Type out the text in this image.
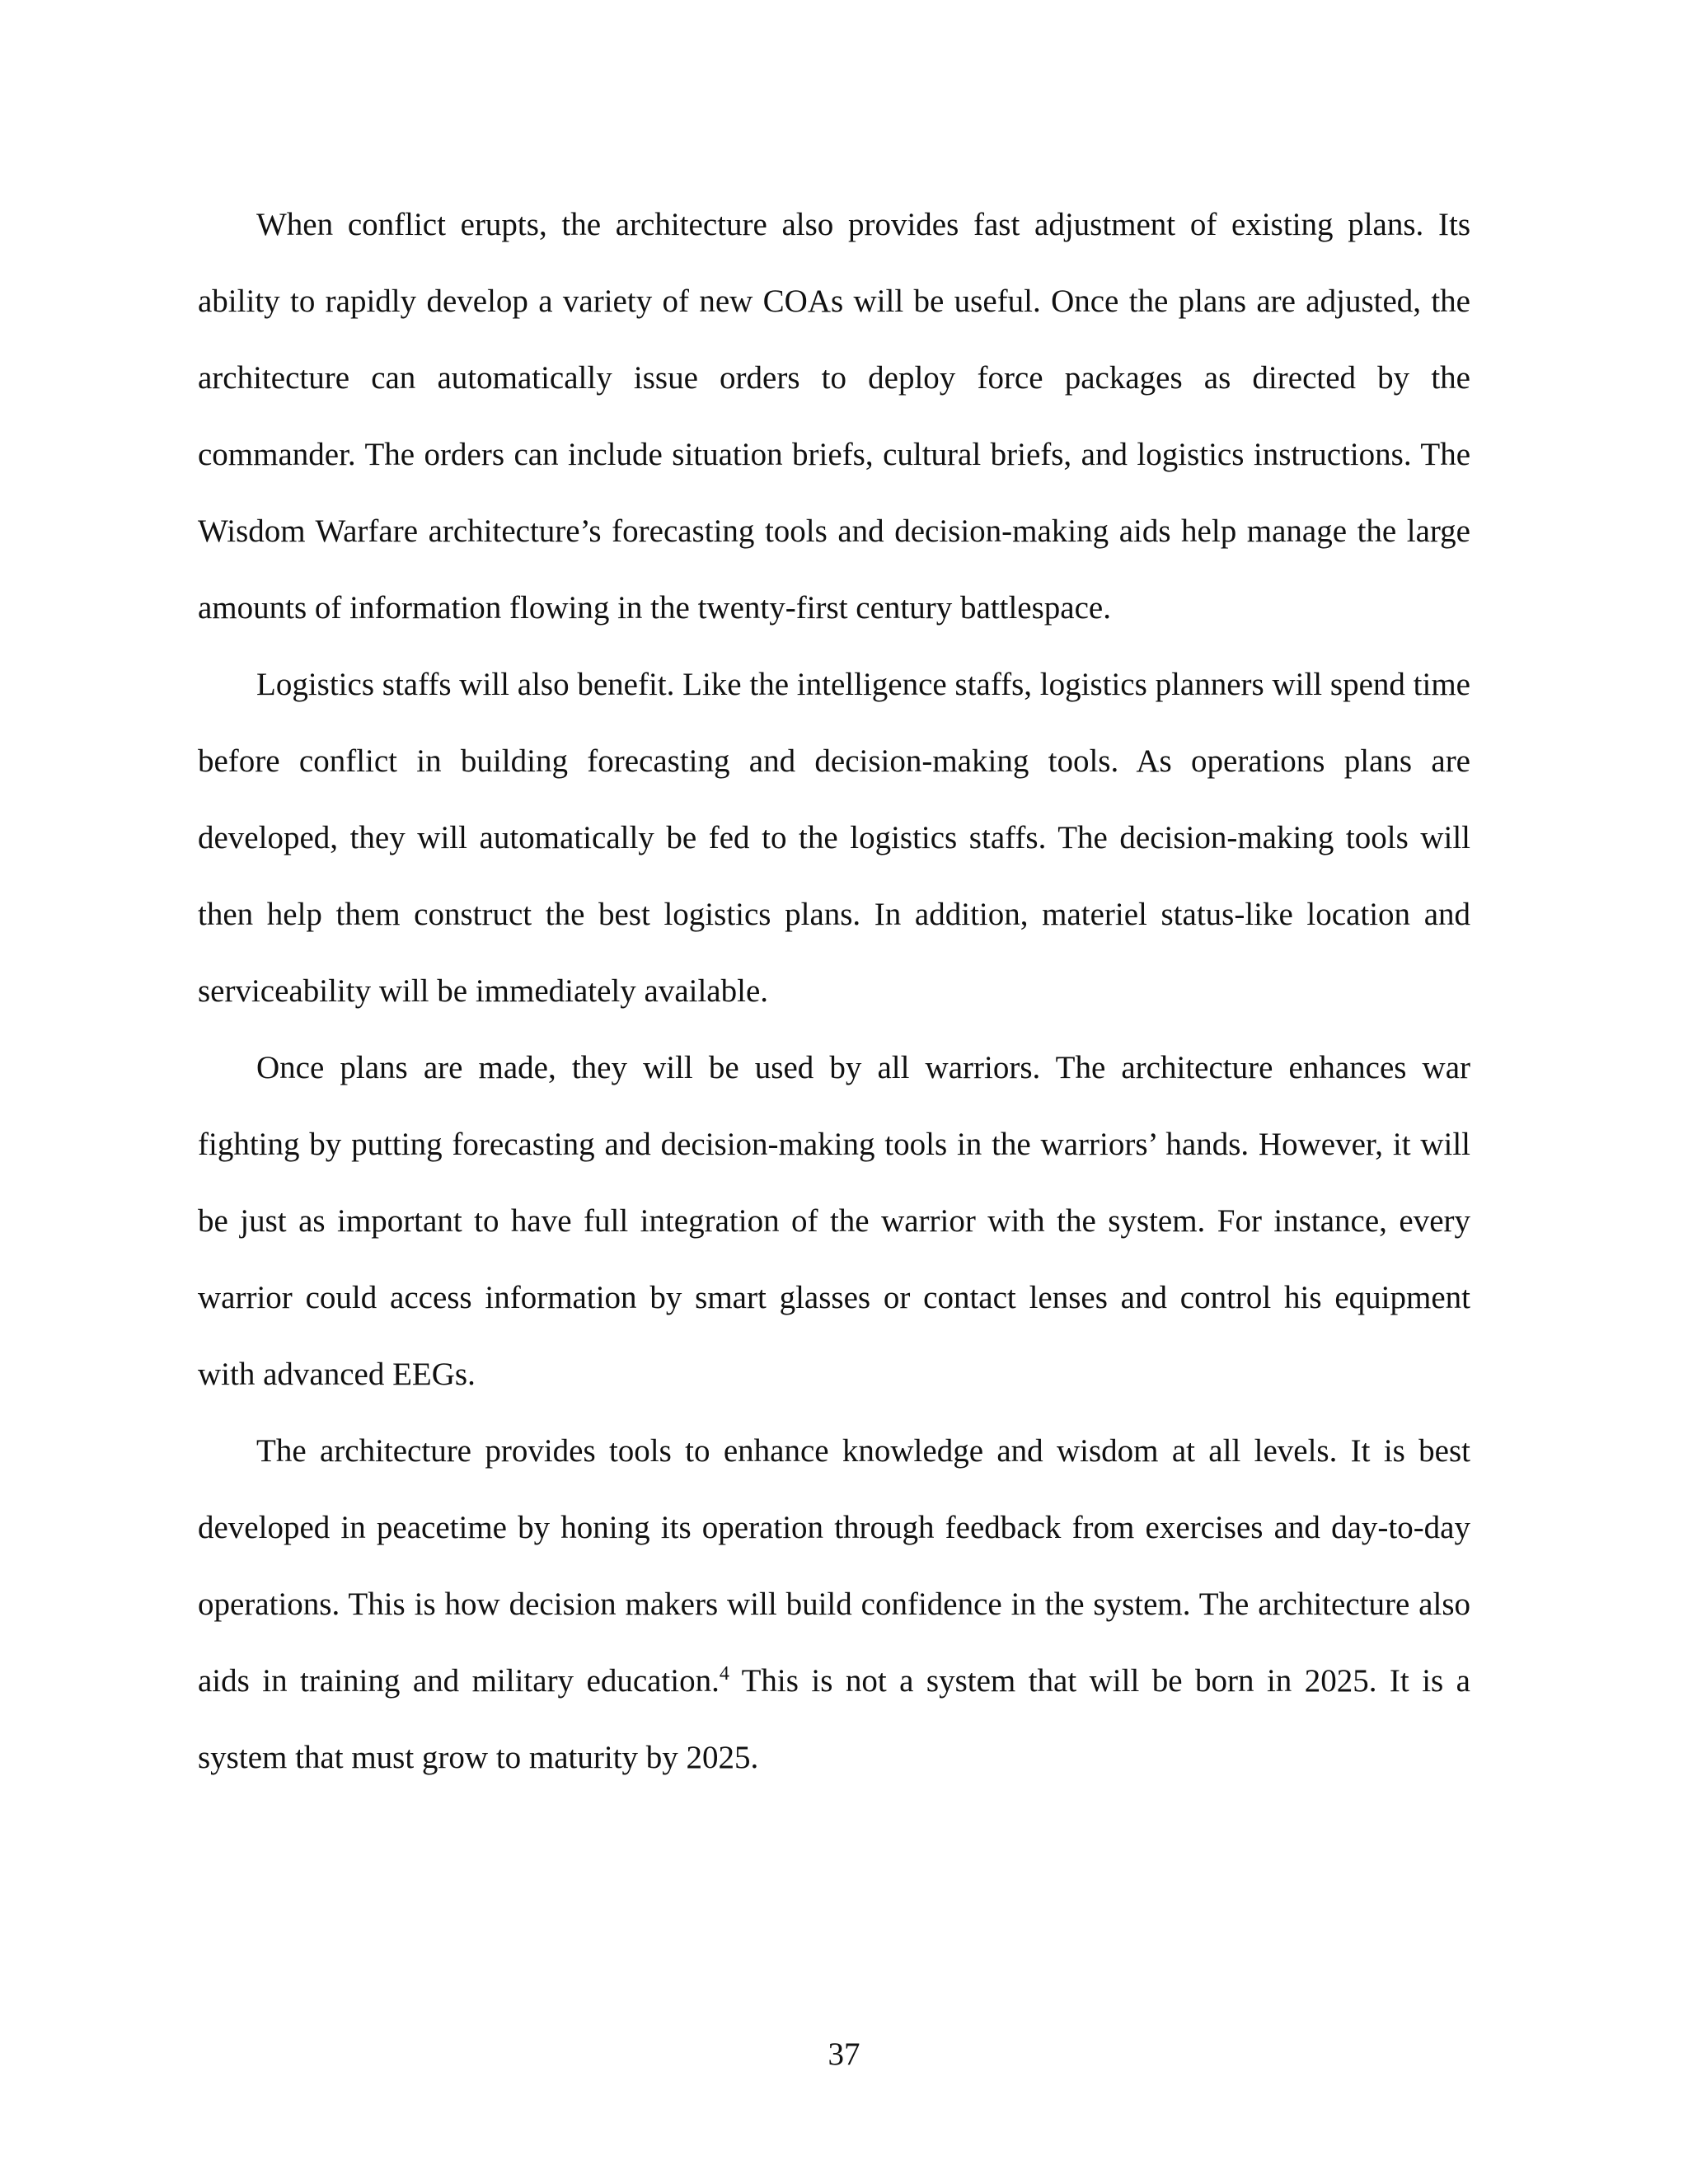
When conflict erupts, the architecture also provides fast adjustment of existing plans. Its ability to rapidly develop a variety of new COAs will be useful. Once the plans are adjusted, the architecture can automatically issue orders to deploy force packages as directed by the commander. The orders can include situation briefs, cultural briefs, and logistics instructions. The Wisdom Warfare architecture’s forecasting tools and decision-making aids help manage the large amounts of information flowing in the twenty-first century battlespace.

Logistics staffs will also benefit. Like the intelligence staffs, logistics planners will spend time before conflict in building forecasting and decision-making tools. As operations plans are developed, they will automatically be fed to the logistics staffs. The decision-making tools will then help them construct the best logistics plans. In addition, materiel status-like location and serviceability will be immediately available.

Once plans are made, they will be used by all warriors. The architecture enhances war fighting by putting forecasting and decision-making tools in the warriors’ hands. However, it will be just as important to have full integration of the warrior with the system. For instance, every warrior could access information by smart glasses or contact lenses and control his equipment with advanced EEGs.

The architecture provides tools to enhance knowledge and wisdom at all levels. It is best developed in peacetime by honing its operation through feedback from exercises and day-to-day operations. This is how decision makers will build confidence in the system. The architecture also aids in training and military education.$^4$ This is not a system that will be born in 2025. It is a system that must grow to maturity by 2025.

37
